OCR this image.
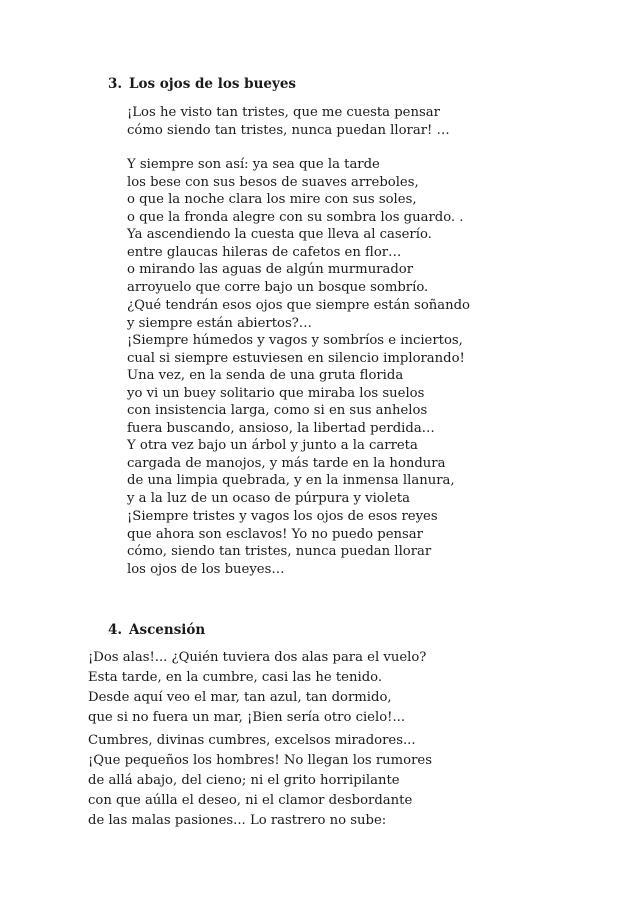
3. Los ojos de los bueyes
¡Los he visto tan tristes, que me cuesta pensar
cómo siendo tan tristes, nunca puedan llorar! …
Y siempre son así: ya sea que la tarde
los bese con sus besos de suaves arreboles,
o que la noche clara los mire con sus soles,
o que la fronda alegre con su sombra los guardo. .
Ya ascendiendo la cuesta que lleva al caserío.
entre glaucas hileras de cafetos en flor…
o mirando las aguas de algún murmurador
arroyuelo que corre bajo un bosque sombrío.
¿Qué tendrán esos ojos que siempre están soñando
y siempre están abiertos?…
¡Siempre húmedos y vagos y sombríos e inciertos,
cual si siempre estuviesen en silencio implorando!
Una vez, en la senda de una gruta florida
yo vi un buey solitario que miraba los suelos
con insistencia larga, como si en sus anhelos
fuera buscando, ansioso, la libertad perdida…
Y otra vez bajo un árbol y junto a la carreta
cargada de manojos, y más tarde en la hondura
de una limpia quebrada, y en la inmensa llanura,
y a la luz de un ocaso de púrpura y violeta
¡Siempre tristes y vagos los ojos de esos reyes
que ahora son esclavos! Yo no puedo pensar
cómo, siendo tan tristes, nunca puedan llorar
los ojos de los bueyes…
4. Ascensión
¡Dos alas!... ¿Quién tuviera dos alas para el vuelo?
Esta tarde, en la cumbre, casi las he tenido.
Desde aquí veo el mar, tan azul, tan dormido,
que si no fuera un mar, ¡Bien sería otro cielo!...
Cumbres, divinas cumbres, excelsos miradores...
¡Que pequeños los hombres! No llegan los rumores
de allá abajo, del cieno; ni el grito horripilante
con que aúlla el deseo, ni el clamor desbordante
de las malas pasiones... Lo rastrero no sube:
